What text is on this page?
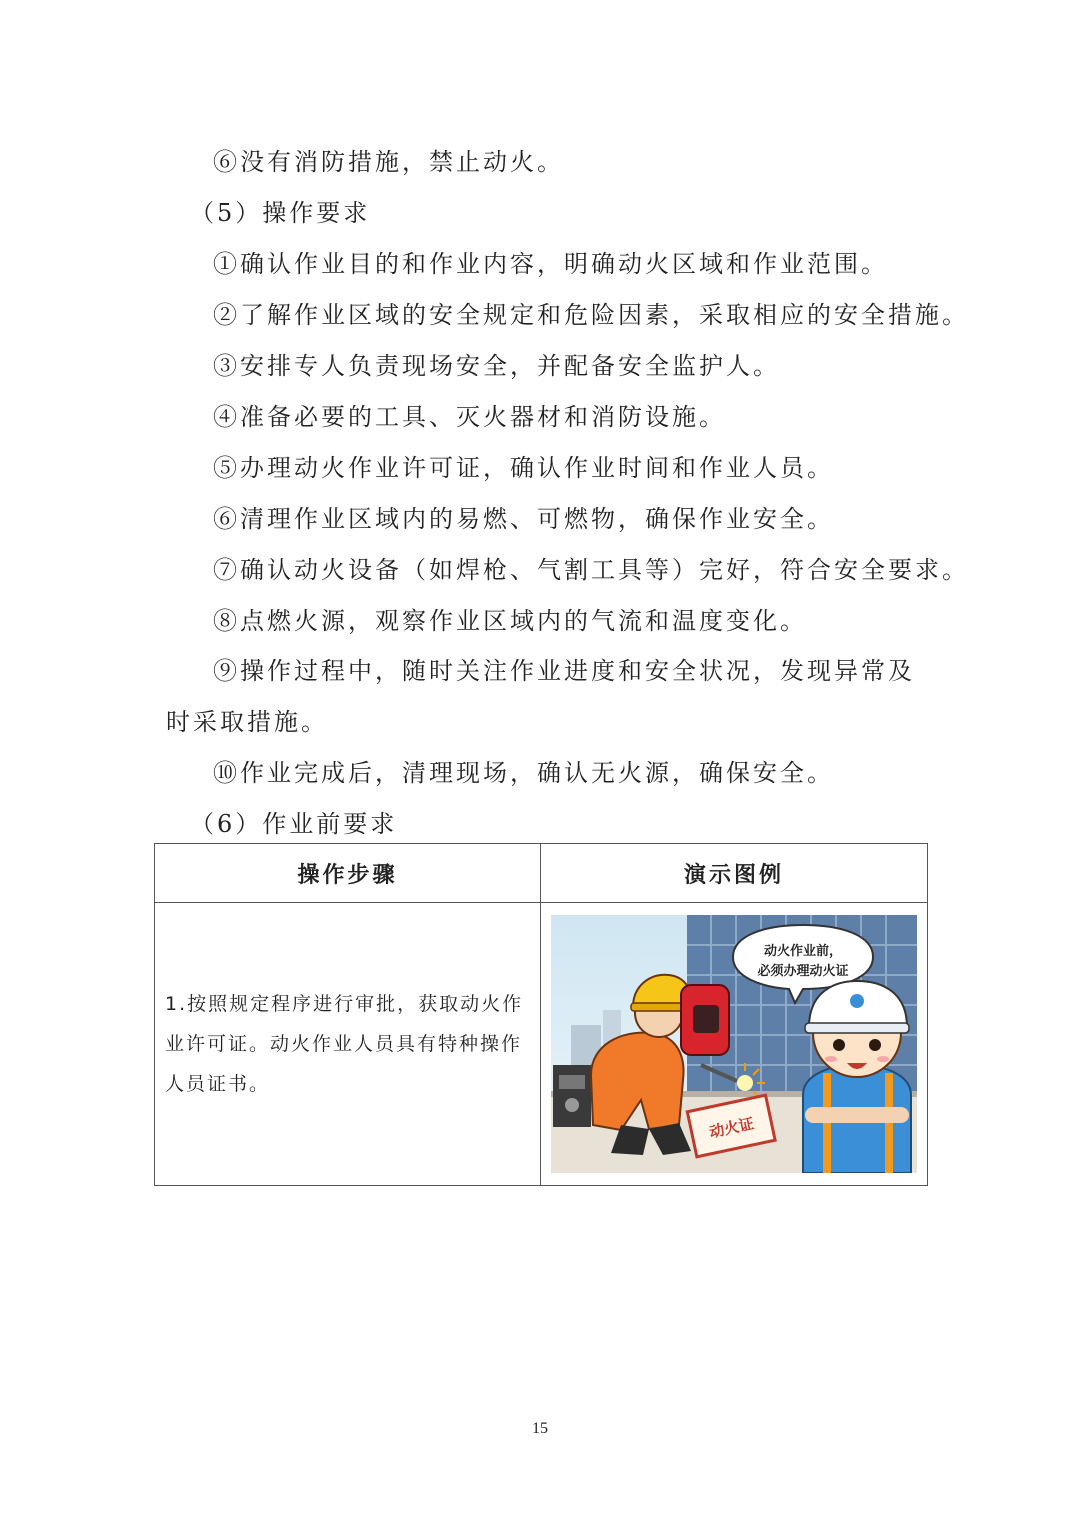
⑥没有消防措施，禁止动火。
（5）操作要求
①确认作业目的和作业内容，明确动火区域和作业范围。
②了解作业区域的安全规定和危险因素，采取相应的安全措施。
③安排专人负责现场安全，并配备安全监护人。
④准备必要的工具、灭火器材和消防设施。
⑤办理动火作业许可证，确认作业时间和作业人员。
⑥清理作业区域内的易燃、可燃物，确保作业安全。
⑦确认动火设备（如焊枪、气割工具等）完好，符合安全要求。
⑧点燃火源，观察作业区域内的气流和温度变化。
⑨操作过程中，随时关注作业进度和安全状况，发现异常及时采取措施。
⑩作业完成后，清理现场，确认无火源，确保安全。
（6）作业前要求
操作步骤	演示图例
1.按照规定程序进行审批，获取动火作业许可证。动火作业人员具有特种操作人员证书。	动火作业前，
必须办理动火证
动火证
15
